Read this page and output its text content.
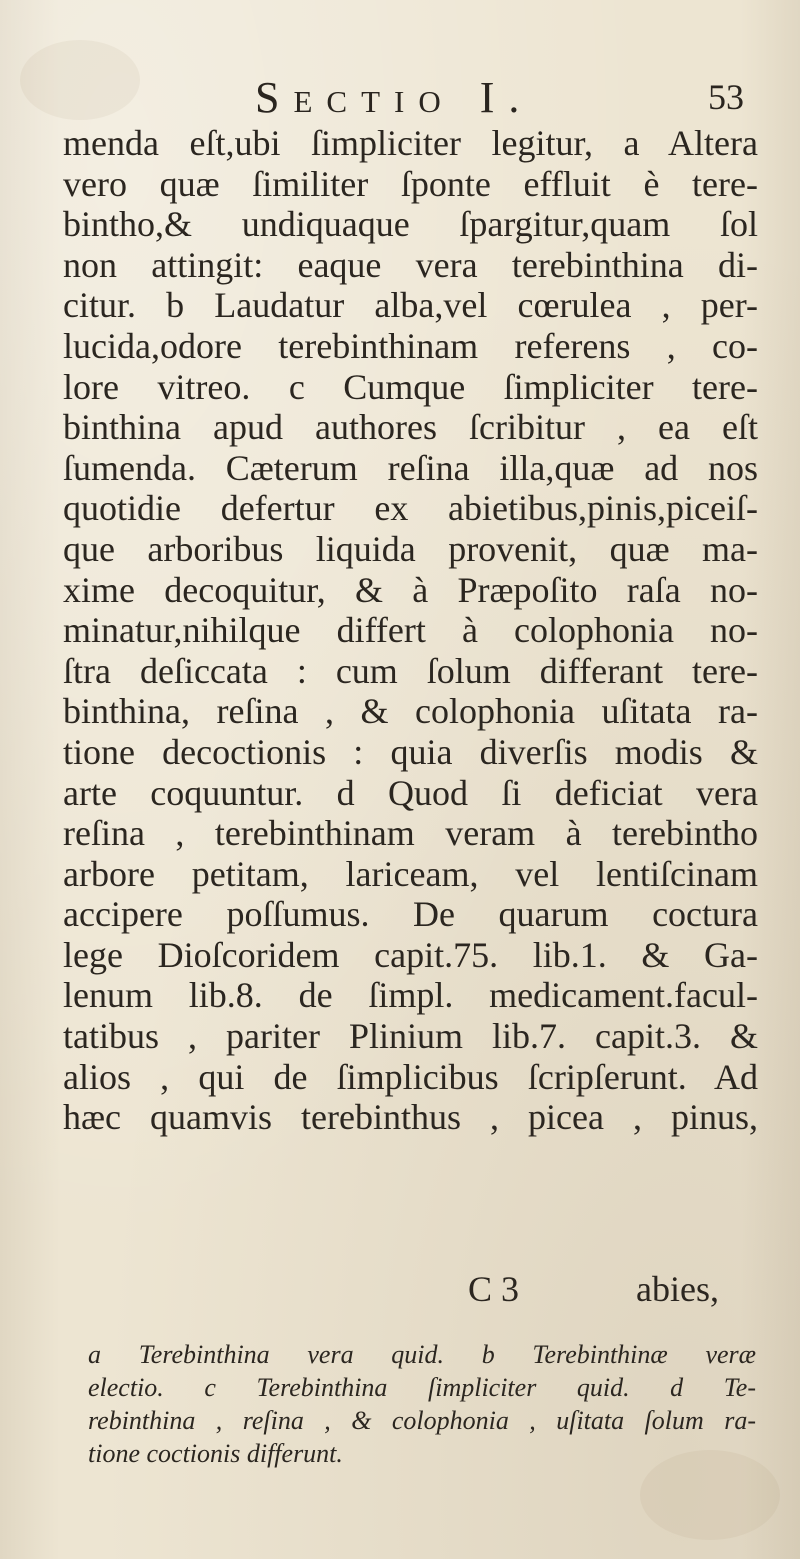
Sectio I.	53
menda eſt,ubi ſimpliciter legitur, a Altera
vero quæ ſimiliter ſponte effluit è tere-
bintho,& undiquaque ſpargitur,quam ſol
non attingit: eaque vera terebinthina di-
citur. b Laudatur alba,vel cœrulea , per-
lucida,odore terebinthinam referens , co-
lore vitreo. c Cumque ſimpliciter tere-
binthina apud authores ſcribitur , ea eſt
ſumenda. Cæterum reſina illa,quæ ad nos
quotidie defertur ex abietibus,pinis,piceiſ-
que arboribus liquida provenit, quæ ma-
xime decoquitur, & à Præpoſito raſa no-
minatur,nihilque differt à colophonia no-
ſtra deſiccata : cum ſolum differant tere-
binthina, reſina , & colophonia uſitata ra-
tione decoctionis : quia diverſis modis &
arte coquuntur. d Quod ſi deficiat vera
reſina , terebinthinam veram à terebintho
arbore petitam, lariceam, vel lentiſcinam
accipere poſſumus. De quarum coctura
lege Dioſcoridem capit.75. lib.1. & Ga-
lenum lib.8. de ſimpl. medicament.facul-
tatibus , pariter Plinium lib.7. capit.3. &
alios , qui de ſimplicibus ſcripſerunt. Ad
hæc quamvis terebinthus , picea , pinus,
C 3	abies,
a Terebinthina vera quid. b Terebinthinæ veræ
electio. c Terebinthina ſimpliciter quid. d Te-
rebinthina , reſina , & colophonia , uſitata ſolum ra-
tione coctionis differunt.
